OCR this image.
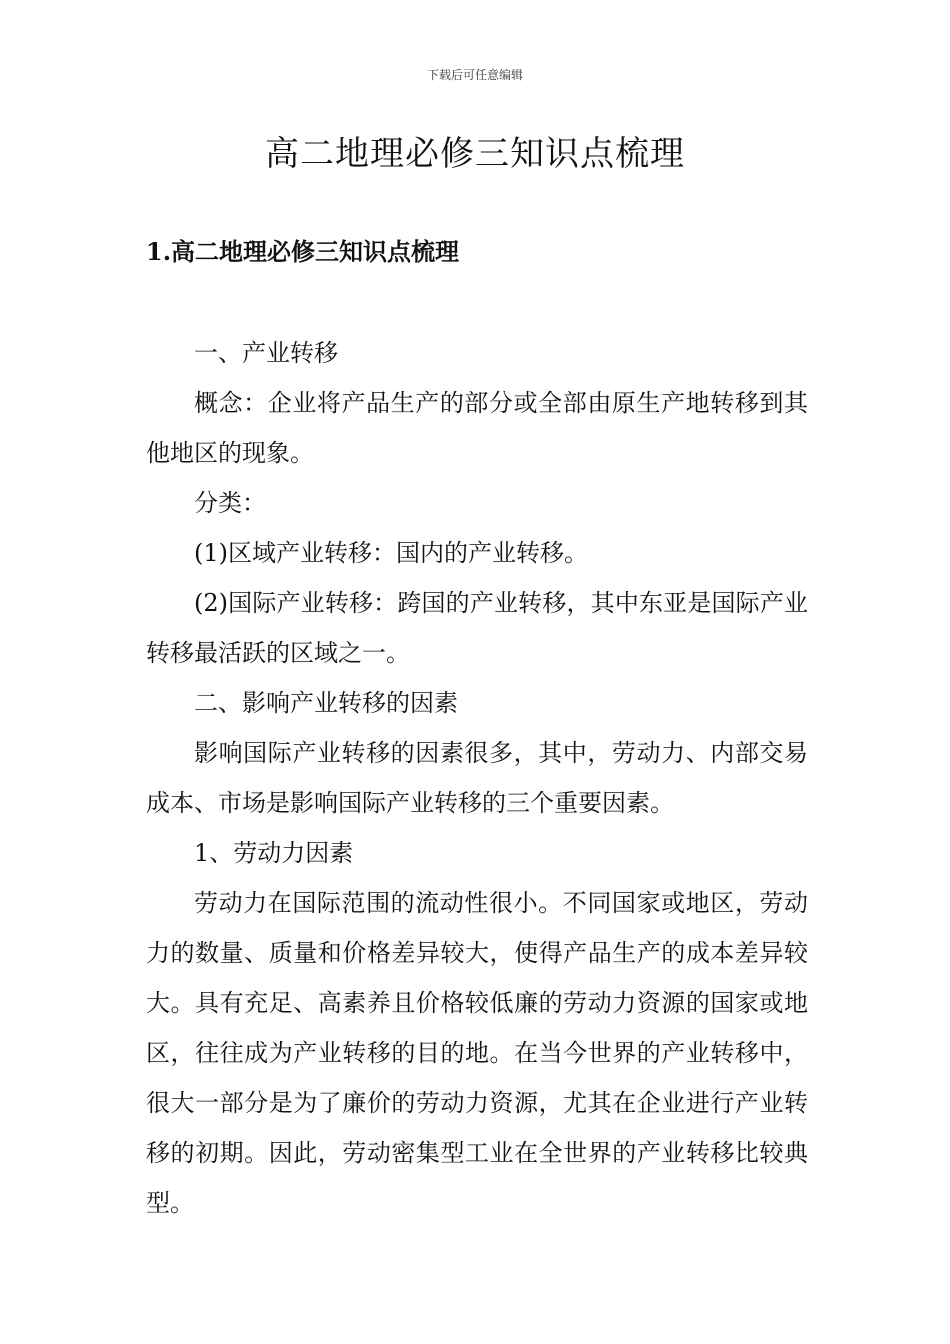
下载后可任意编辑
高二地理必修三知识点梳理
1.高二地理必修三知识点梳理

一、产业转移

概念：企业将产品生产的部分或全部由原生产地转移到其他地区的现象。

分类：

(1)区域产业转移：国内的产业转移。

(2)国际产业转移：跨国的产业转移，其中东亚是国际产业转移最活跃的区域之一。

二、影响产业转移的因素

影响国际产业转移的因素很多，其中，劳动力、内部交易成本、市场是影响国际产业转移的三个重要因素。

1、劳动力因素

劳动力在国际范围的流动性很小。不同国家或地区，劳动力的数量、质量和价格差异较大，使得产品生产的成本差异较大。具有充足、高素养且价格较低廉的劳动力资源的国家或地区，往往成为产业转移的目的地。在当今世界的产业转移中，很大一部分是为了廉价的劳动力资源，尤其在企业进行产业转移的初期。因此，劳动密集型工业在全世界的产业转移比较典型。
